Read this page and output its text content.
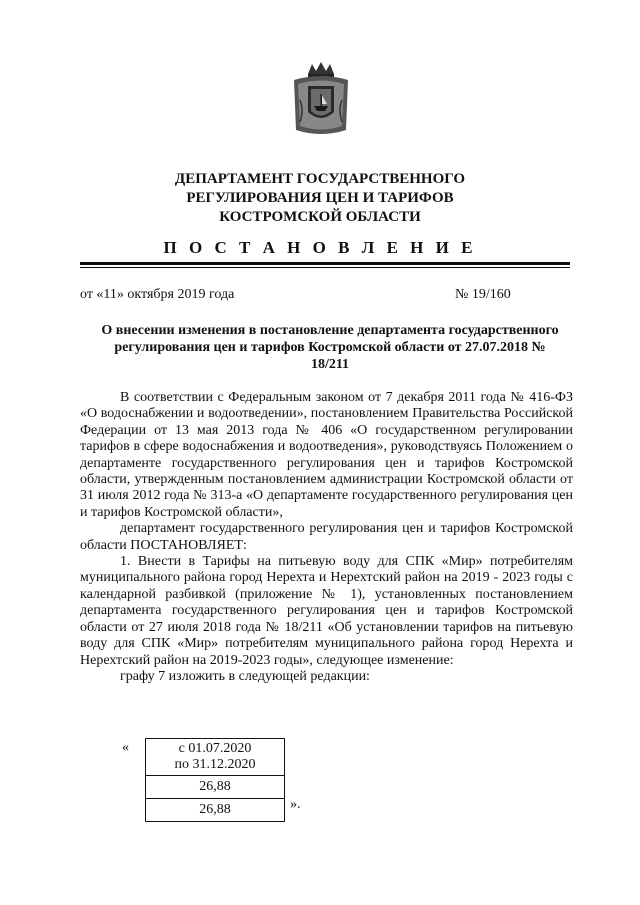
ДЕПАРТАМЕНТ ГОСУДАРСТВЕННОГО
РЕГУЛИРОВАНИЯ ЦЕН И ТАРИФОВ
КОСТРОМСКОЙ ОБЛАСТИ
П О С Т А Н О В Л Е Н И Е
от «11» октября 2019 года	№ 19/160
О внесении изменения в постановление департамента государственного регулирования цен и тарифов Костромской области от 27.07.2018 № 18/211

В соответствии с Федеральным законом от 7 декабря 2011 года № 416-ФЗ «О водоснабжении и водоотведении», постановлением Правительства Российской Федерации от 13 мая 2013 года № 406 «О государственном регулировании тарифов в сфере водоснабжения и водоотведения», руководствуясь Положением о департаменте государственного регулирования цен и тарифов Костромской области, утвержденным постановлением администрации Костромской области от 31 июля 2012 года № 313-а «О департаменте государственного регулирования цен и тарифов Костромской области»,

департамент государственного регулирования цен и тарифов Костромской области ПОСТАНОВЛЯЕТ:

1. Внести в Тарифы на питьевую воду для СПК «Мир» потребителям муниципального района город Нерехта и Нерехтский район на 2019 - 2023 годы с календарной разбивкой (приложение № 1), установленных постановлением департамента государственного регулирования цен и тарифов Костромской области от 27 июля 2018 года № 18/211 «Об установлении тарифов на питьевую воду для СПК «Мир» потребителям муниципального района город Нерехта и Нерехтский район на 2019-2023 годы», следующее изменение:

графу 7 изложить в следующей редакции:

«	с 01.07.2020
по 31.12.2020
26,88
26,88	».
